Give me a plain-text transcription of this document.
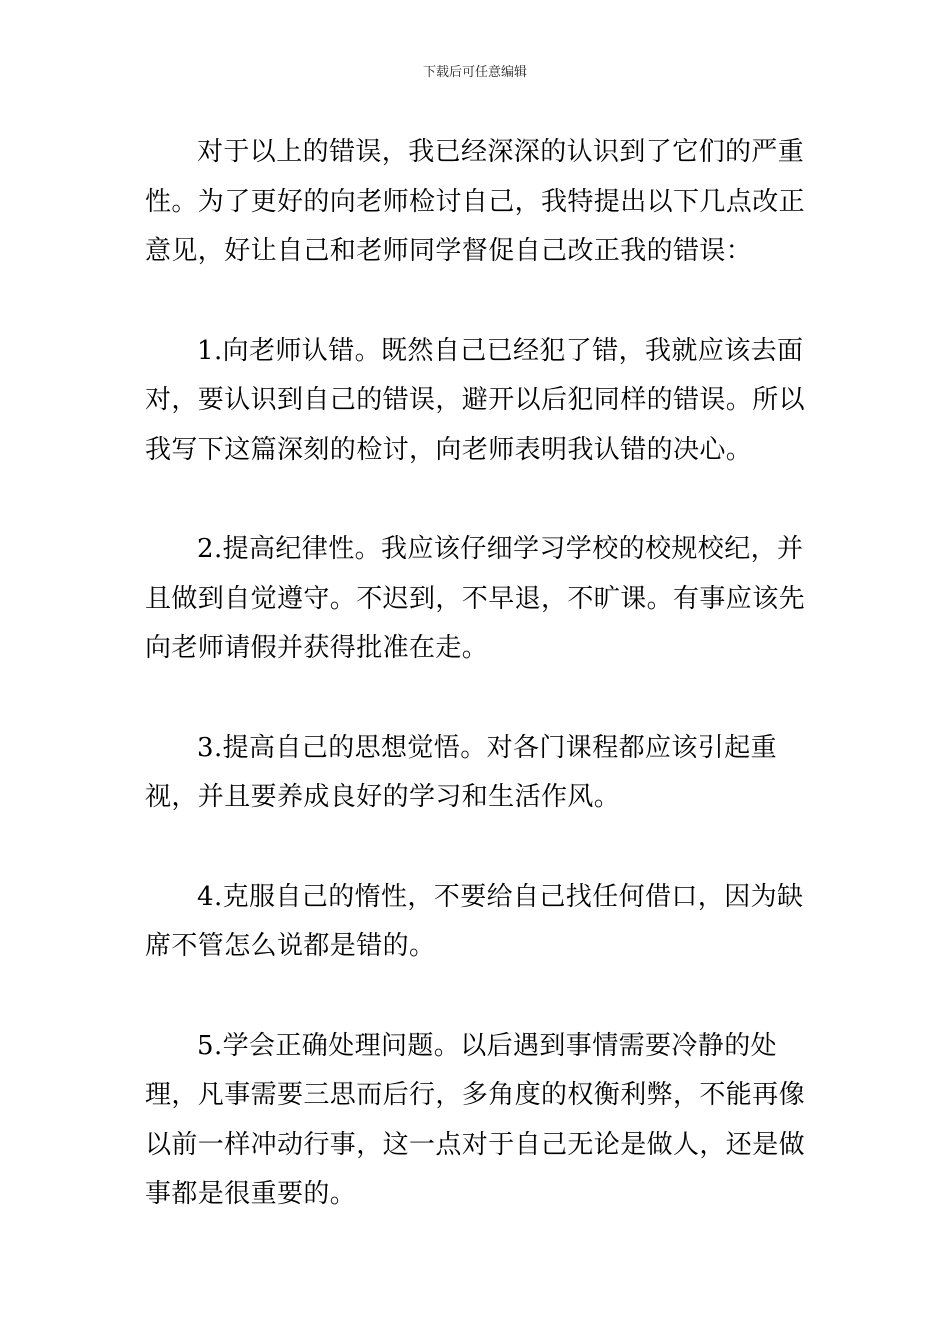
下载后可任意编辑

对于以上的错误，我已经深深的认识到了它们的严重性。为了更好的向老师检讨自己，我特提出以下几点改正意见，好让自己和老师同学督促自己改正我的错误：

1.向老师认错。既然自己已经犯了错，我就应该去面对，要认识到自己的错误，避开以后犯同样的错误。所以我写下这篇深刻的检讨，向老师表明我认错的决心。

2.提高纪律性。我应该仔细学习学校的校规校纪，并且做到自觉遵守。不迟到，不早退，不旷课。有事应该先向老师请假并获得批准在走。

3.提高自己的思想觉悟。对各门课程都应该引起重视，并且要养成良好的学习和生活作风。

4.克服自己的惰性，不要给自己找任何借口，因为缺席不管怎么说都是错的。

5.学会正确处理问题。以后遇到事情需要冷静的处理，凡事需要三思而后行，多角度的权衡利弊，不能再像以前一样冲动行事，这一点对于自己无论是做人，还是做事都是很重要的。
